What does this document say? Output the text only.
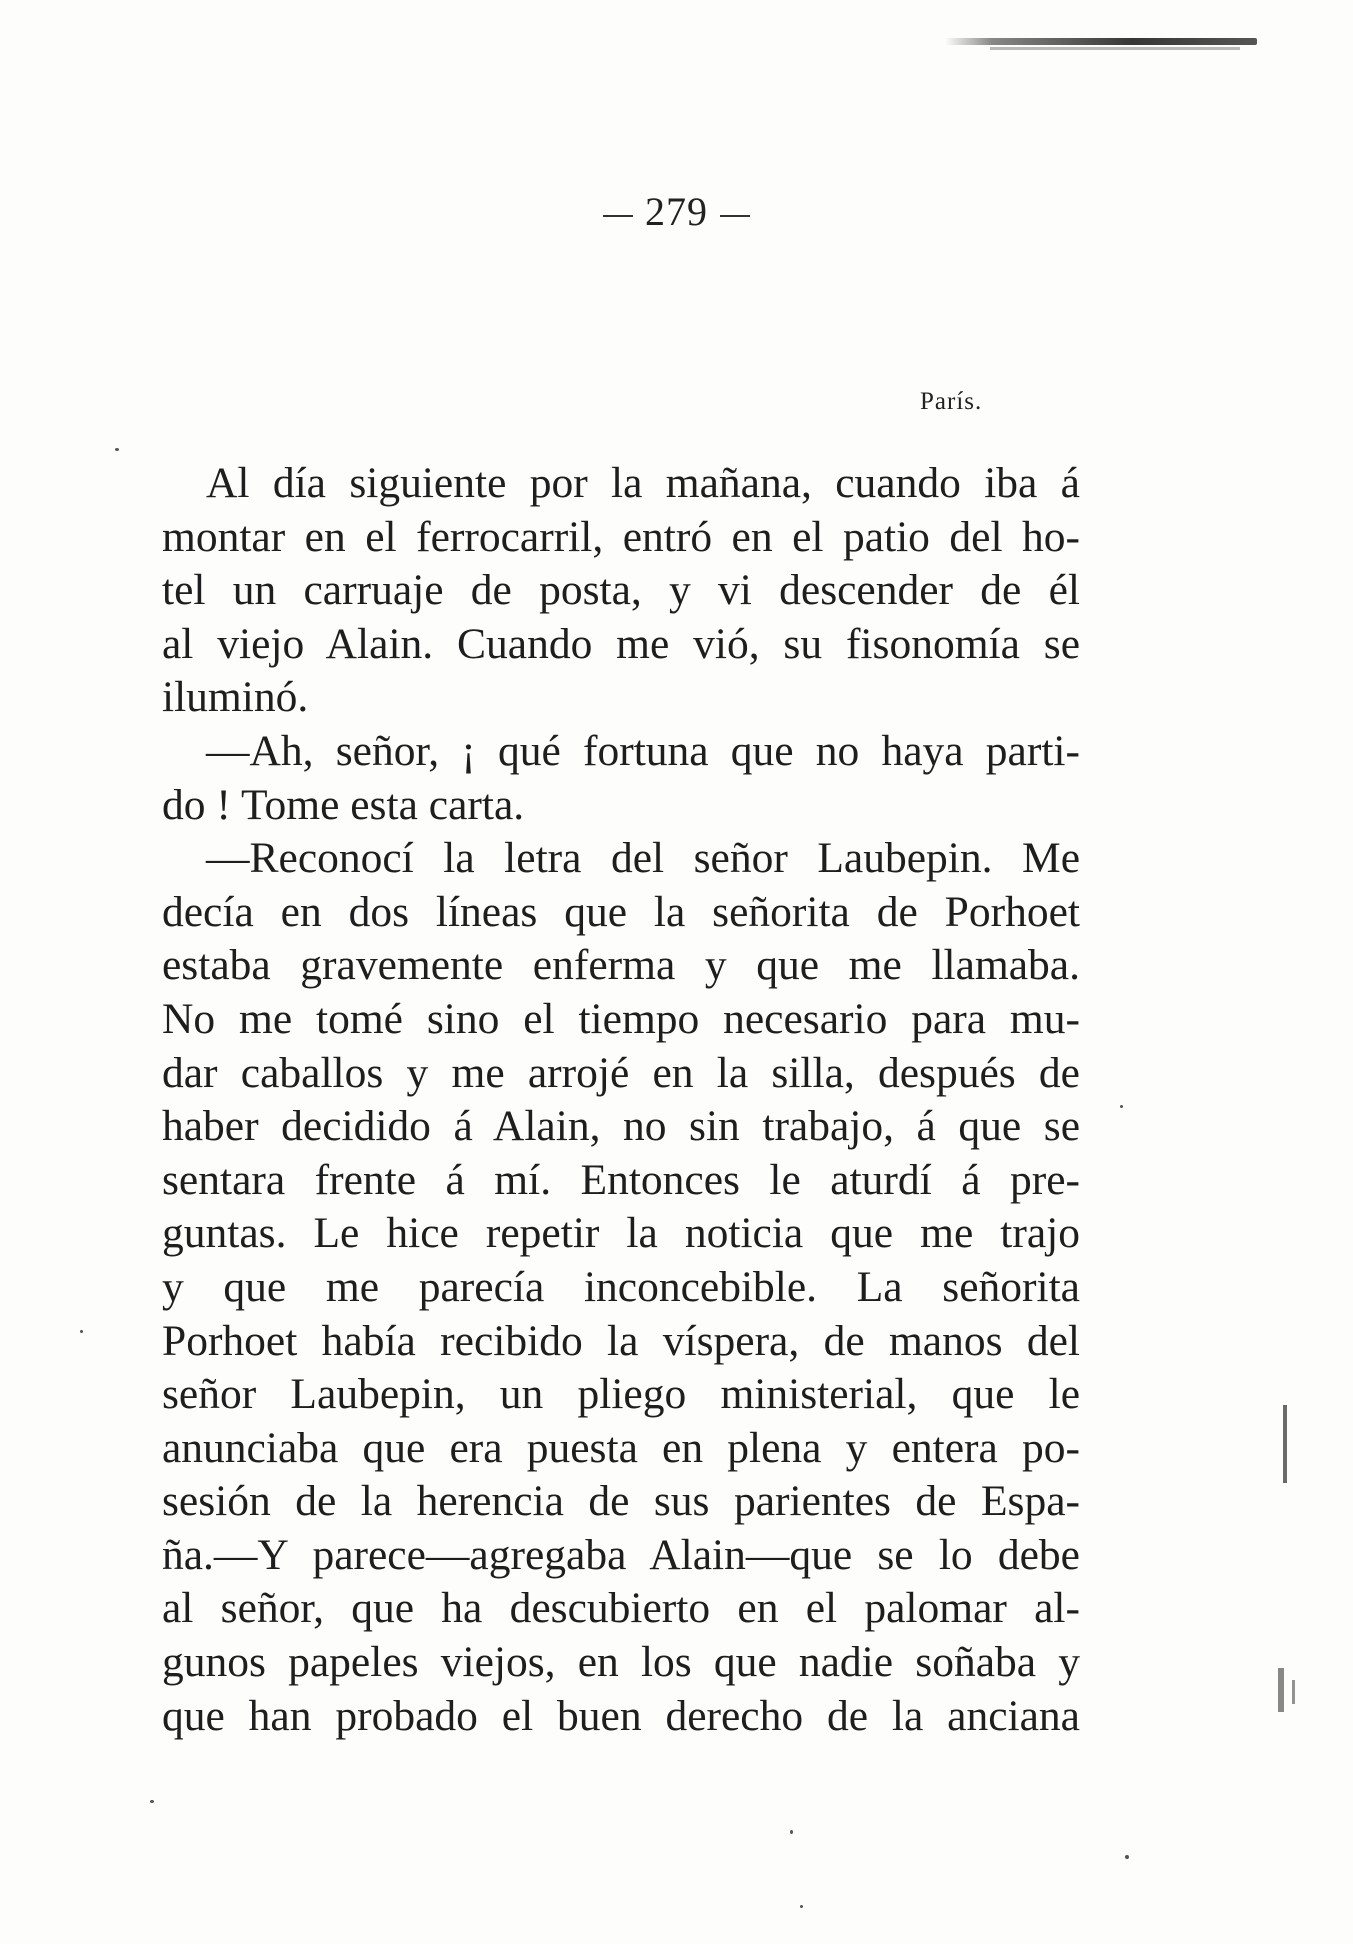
279
París.
Al día siguiente por la mañana, cuando iba á
montar en el ferrocarril, entró en el patio del ho-
tel un carruaje de posta, y vi descender de él
al viejo Alain. Cuando me vió, su fisonomía se
iluminó.
—Ah, señor, ¡ qué fortuna que no haya parti-
do ! Tome esta carta.
—Reconocí la letra del señor Laubepin. Me
decía en dos líneas que la señorita de Porhoet
estaba gravemente enferma y que me llamaba.
No me tomé sino el tiempo necesario para mu-
dar caballos y me arrojé en la silla, después de
haber decidido á Alain, no sin trabajo, á que se
sentara frente á mí. Entonces le aturdí á pre-
guntas. Le hice repetir la noticia que me trajo
y que me parecía inconcebible. La señorita
Porhoet había recibido la víspera, de manos del
señor Laubepin, un pliego ministerial, que le
anunciaba que era puesta en plena y entera po-
sesión de la herencia de sus parientes de Espa-
ña.—Y parece—agregaba Alain—que se lo debe
al señor, que ha descubierto en el palomar al-
gunos papeles viejos, en los que nadie soñaba y
que han probado el buen derecho de la anciana
